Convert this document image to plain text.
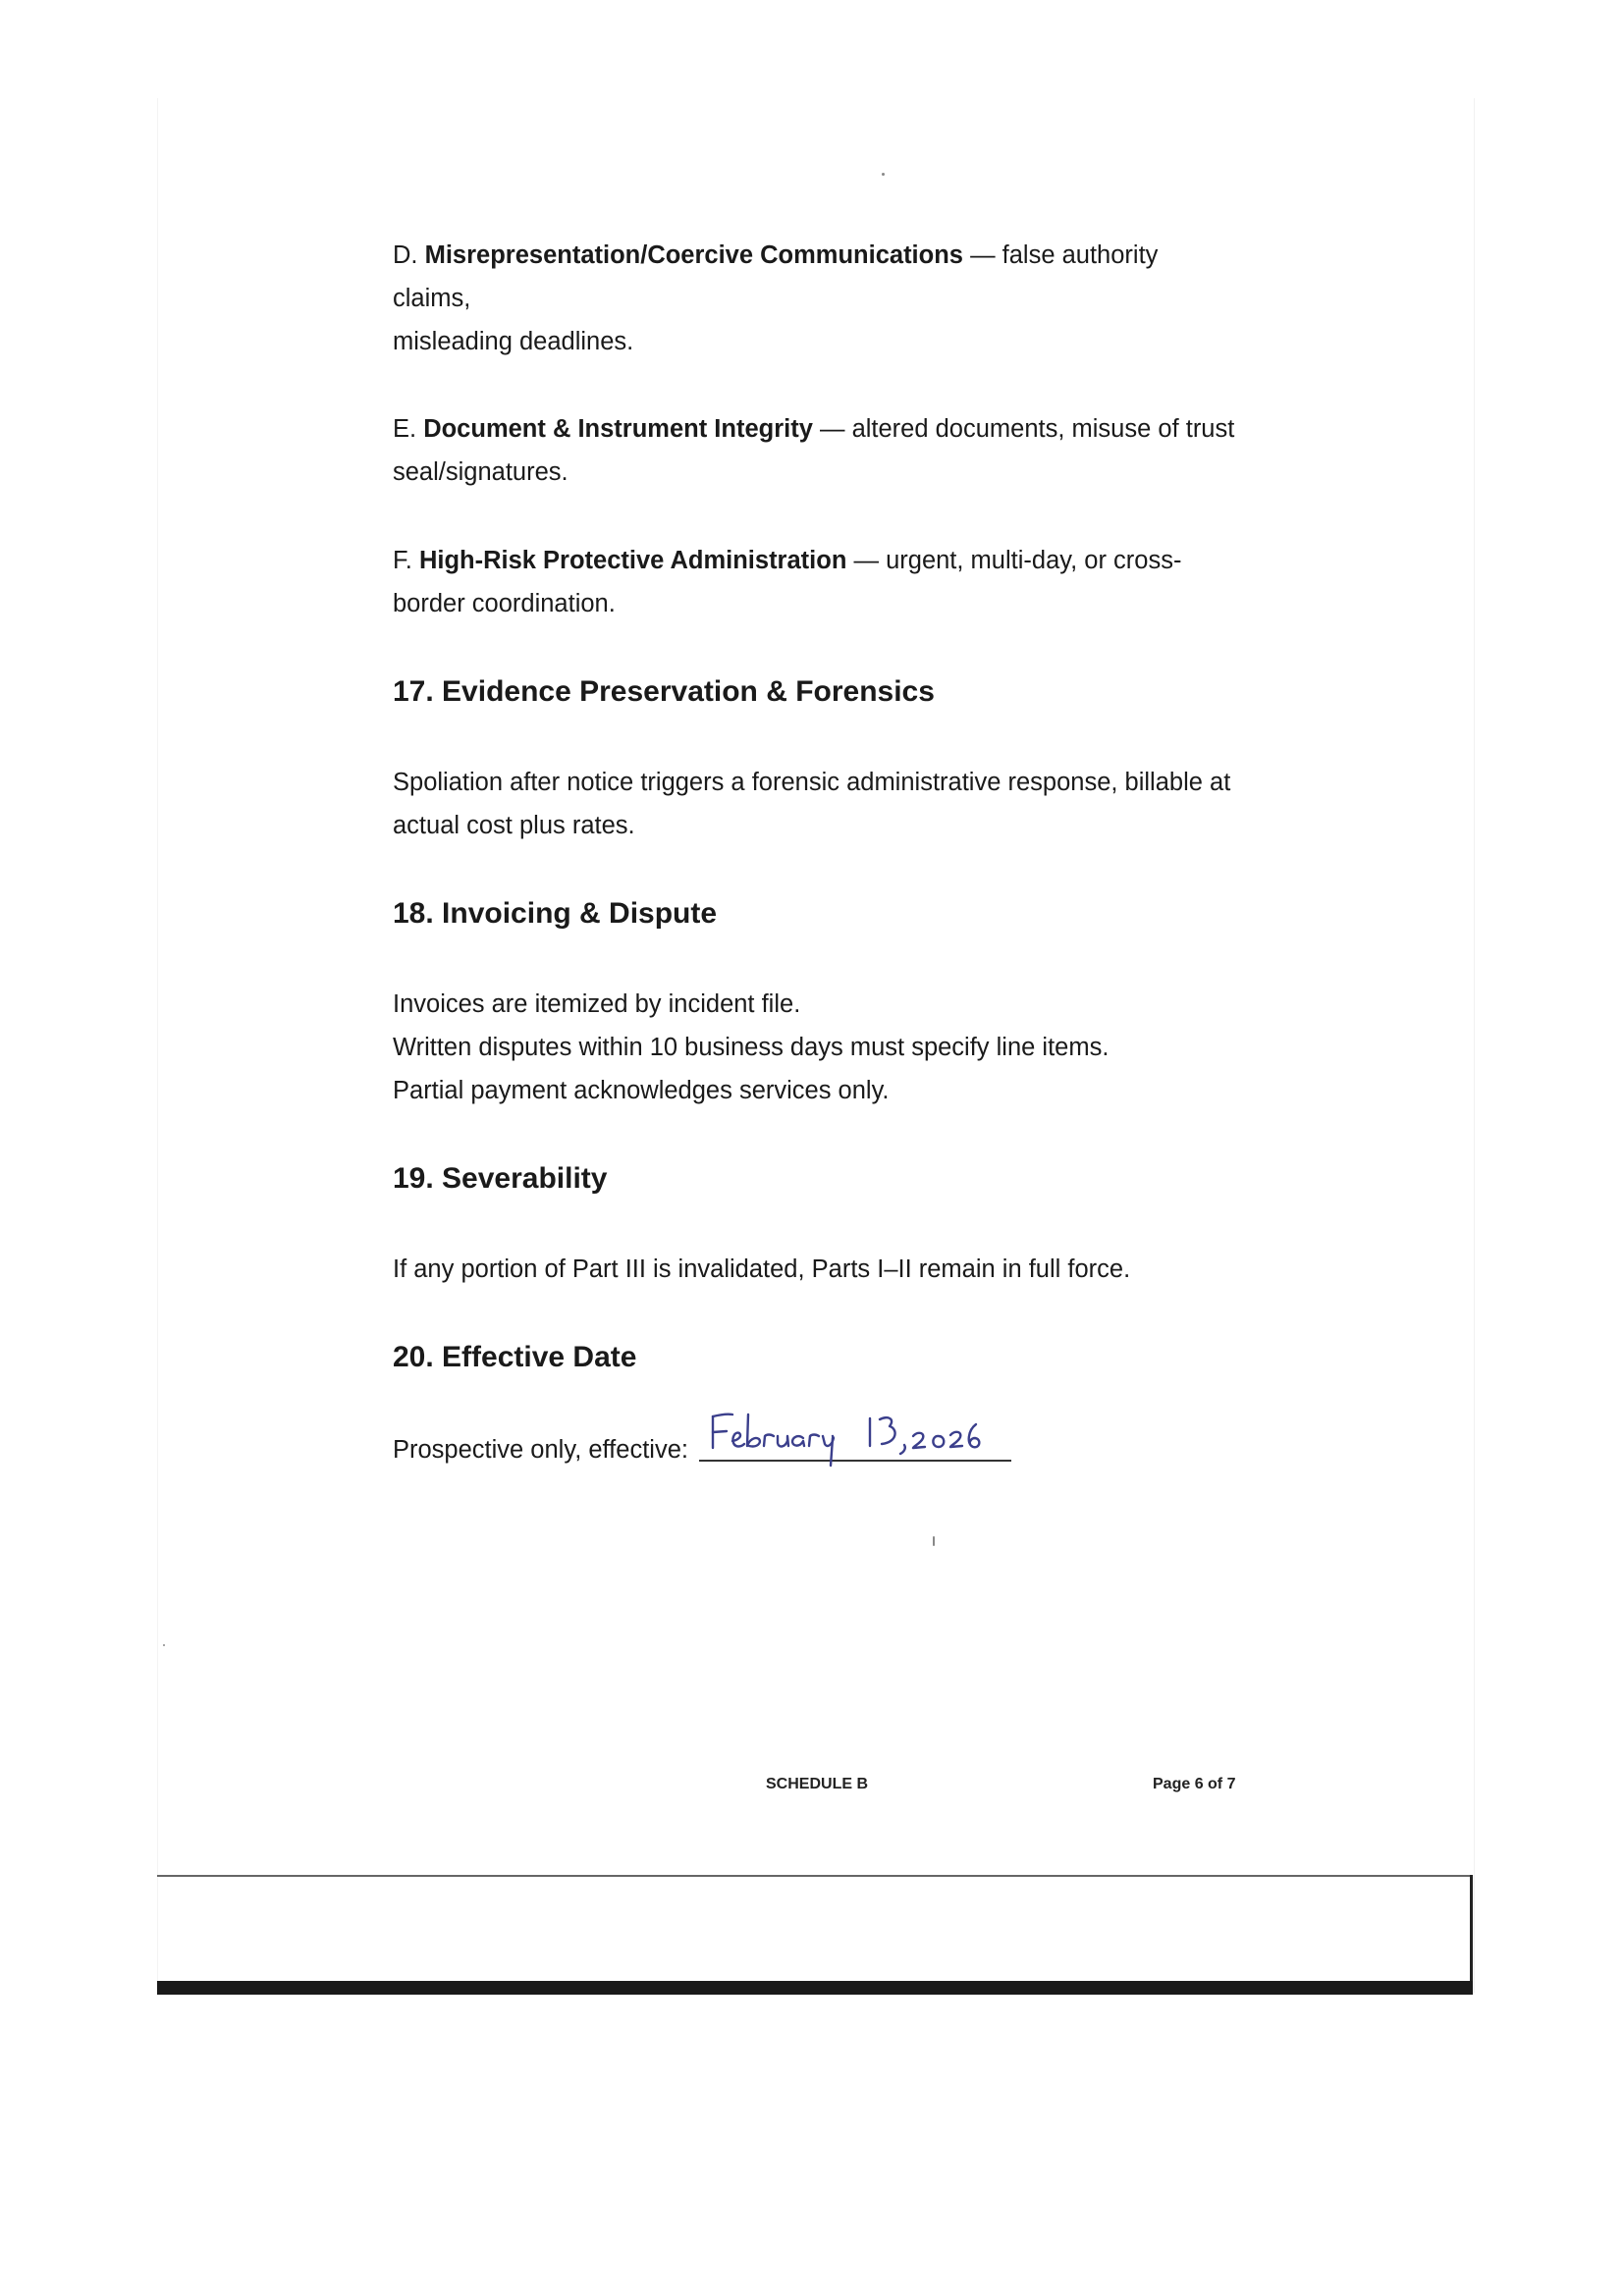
D. Misrepresentation/Coercive Communications — false authority claims,
misleading deadlines.

E. Document & Instrument Integrity — altered documents, misuse of trust
seal/signatures.

F. High-Risk Protective Administration — urgent, multi-day, or cross-
border coordination.

17. Evidence Preservation & Forensics

Spoliation after notice triggers a forensic administrative response, billable at
actual cost plus rates.

18. Invoicing & Dispute

Invoices are itemized by incident file.
Written disputes within 10 business days must specify line items.
Partial payment acknowledges services only.

19. Severability

If any portion of Part III is invalidated, Parts I–II remain in full force.

20. Effective Date

Prospective only, effective:

SCHEDULE B	Page 6 of 7
